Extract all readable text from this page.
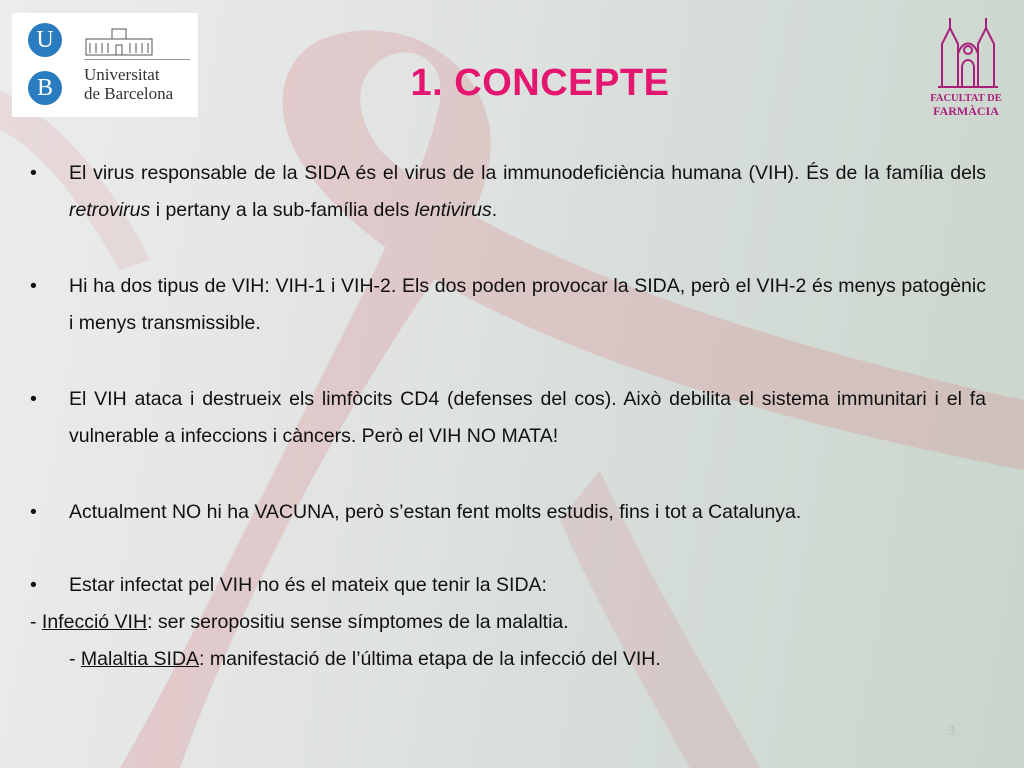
U
B
Universitat
de Barcelona	FACULTAT DE
FARMÀCIA
1. CONCEPTE
• El virus responsable de la SIDA és el virus de la immunodeficiència humana (VIH). És de la família dels retrovirus i pertany a la sub-família dels lentivirus.
• Hi ha dos tipus de VIH: VIH-1 i VIH-2. Els dos poden provocar la SIDA, però el VIH-2 és menys patogènic i menys transmissible.
• El VIH ataca i destrueix els limfòcits CD4 (defenses del cos). Això debilita el sistema immunitari i el fa vulnerable a infeccions i càncers. Però el VIH NO MATA!
• Actualment NO hi ha VACUNA, però s’estan fent molts estudis, fins i tot a Catalunya.
• Estar infectat pel VIH no és el mateix que tenir la SIDA:
- Infecció VIH: ser seropositiu sense símptomes de la malaltia.
- Malaltia SIDA: manifestació de l’última etapa de la infecció del VIH.
3
